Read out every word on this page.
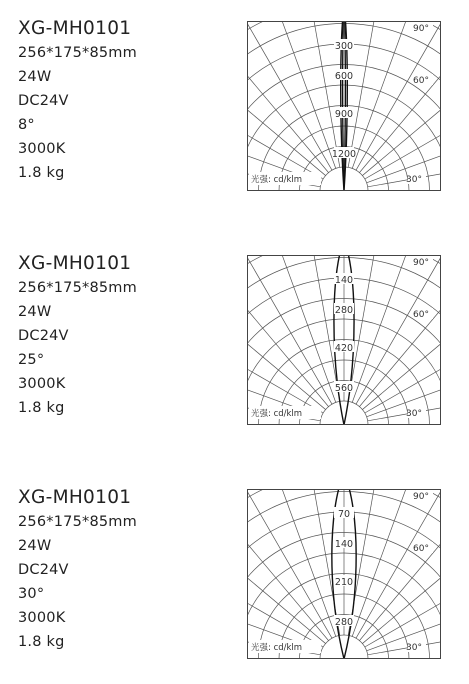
XG-MH0101

256*175*85mm

24W

DC24V

8°

3000K

1.8 kg

300
600
900
1200
90°
60°
30°
光强: cd/klm

XG-MH0101

256*175*85mm

24W

DC24V

25°

3000K

1.8 kg

140
280
420
560
90°
60°
30°
光强: cd/klm

XG-MH0101

256*175*85mm

24W

DC24V

30°

3000K

1.8 kg

70
140
210
280
90°
60°
30°
光强: cd/klm
